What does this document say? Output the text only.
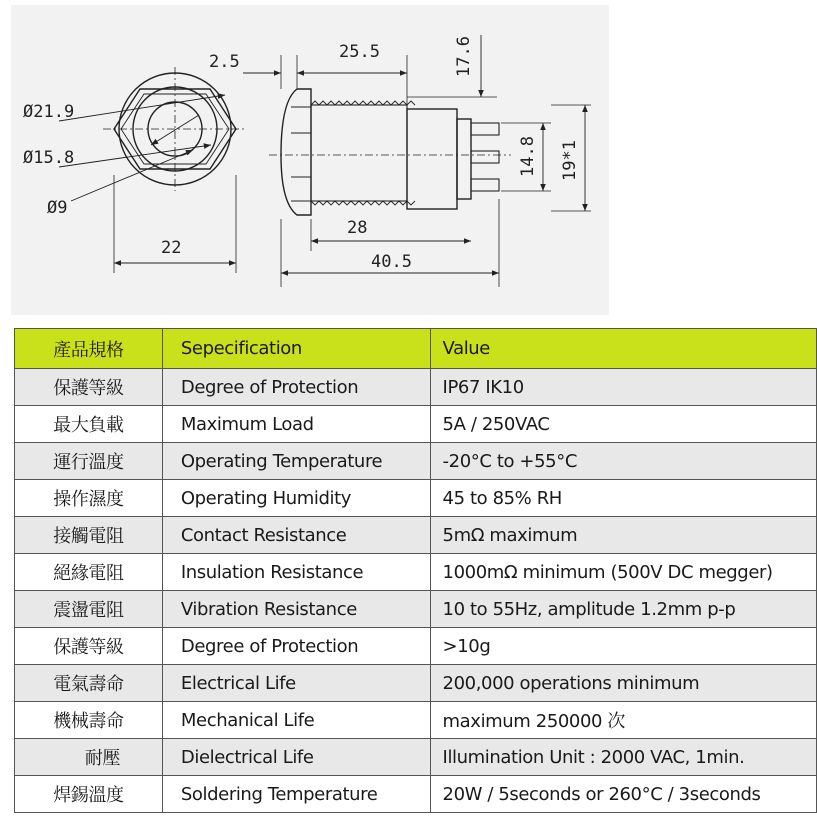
Ø21.9
Ø15.8
Ø9
22
2.5	25.5	17.6
28
40.5
14.8 19*1
產品規格	Sepecification	Value
保護等級	Degree of Protection	IP67 IK10
最大負載	Maximum Load	5A / 250VAC
運行溫度	Operating Temperature	-20°C to +55°C
操作濕度	Operating Humidity	45 to 85% RH
接觸電阻	Contact Resistance	5mΩ maximum
絕緣電阻	Insulation Resistance	1000mΩ minimum (500V DC megger)
震盪電阻	Vibration Resistance	10 to 55Hz, amplitude 1.2mm p-p
保護等級	Degree of Protection	>10g
電氣壽命	Electrical Life	200,000 operations minimum
機械壽命	Mechanical Life	maximum 250000 次
耐壓	Dielectrical Life	Illumination Unit : 2000 VAC, 1min.
焊錫溫度	Soldering Temperature	20W / 5seconds or 260°C / 3seconds
